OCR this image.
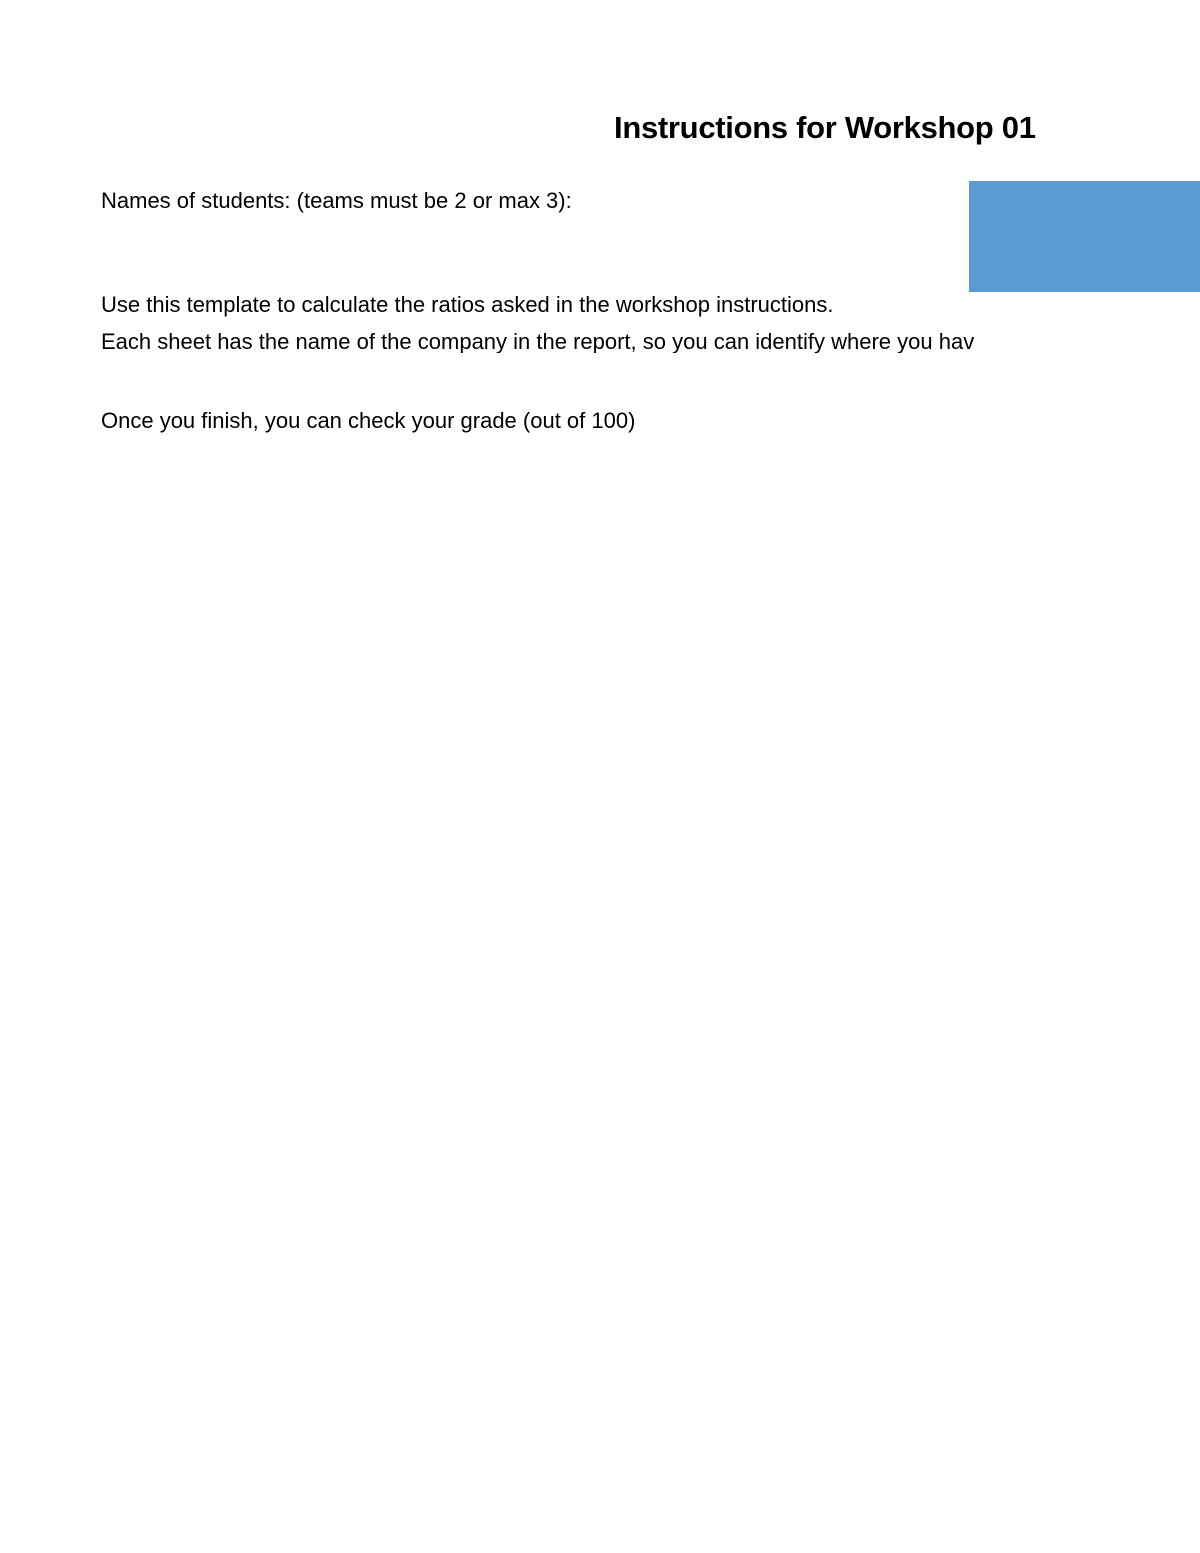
Instructions for Workshop 01
Names of students: (teams must be 2 or max 3):
Use this template to calculate the ratios asked in the workshop instructions.
Each sheet has the name of the company in the report, so you can identify where you hav
Once you finish, you can check your grade (out of 100)
